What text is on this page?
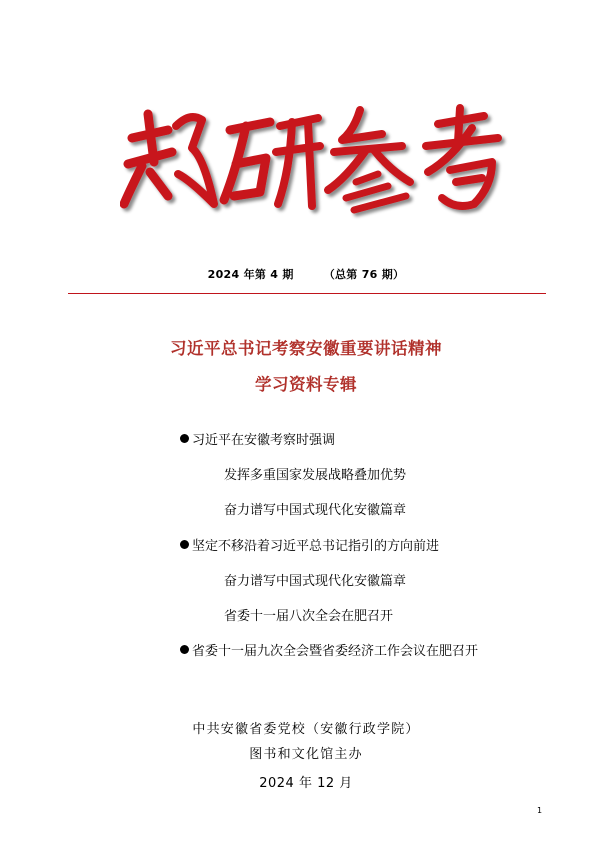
2024 年第 4 期	（总第 76 期）
习近平总书记考察安徽重要讲话精神
学习资料专辑
习近平在安徽考察时强调
发挥多重国家发展战略叠加优势
奋力谱写中国式现代化安徽篇章
坚定不移沿着习近平总书记指引的方向前进
奋力谱写中国式现代化安徽篇章
省委十一届八次全会在肥召开
省委十一届九次全会暨省委经济工作会议在肥召开
中共安徽省委党校（安徽行政学院）
图书和文化馆主办
2024 年 12 月
1
